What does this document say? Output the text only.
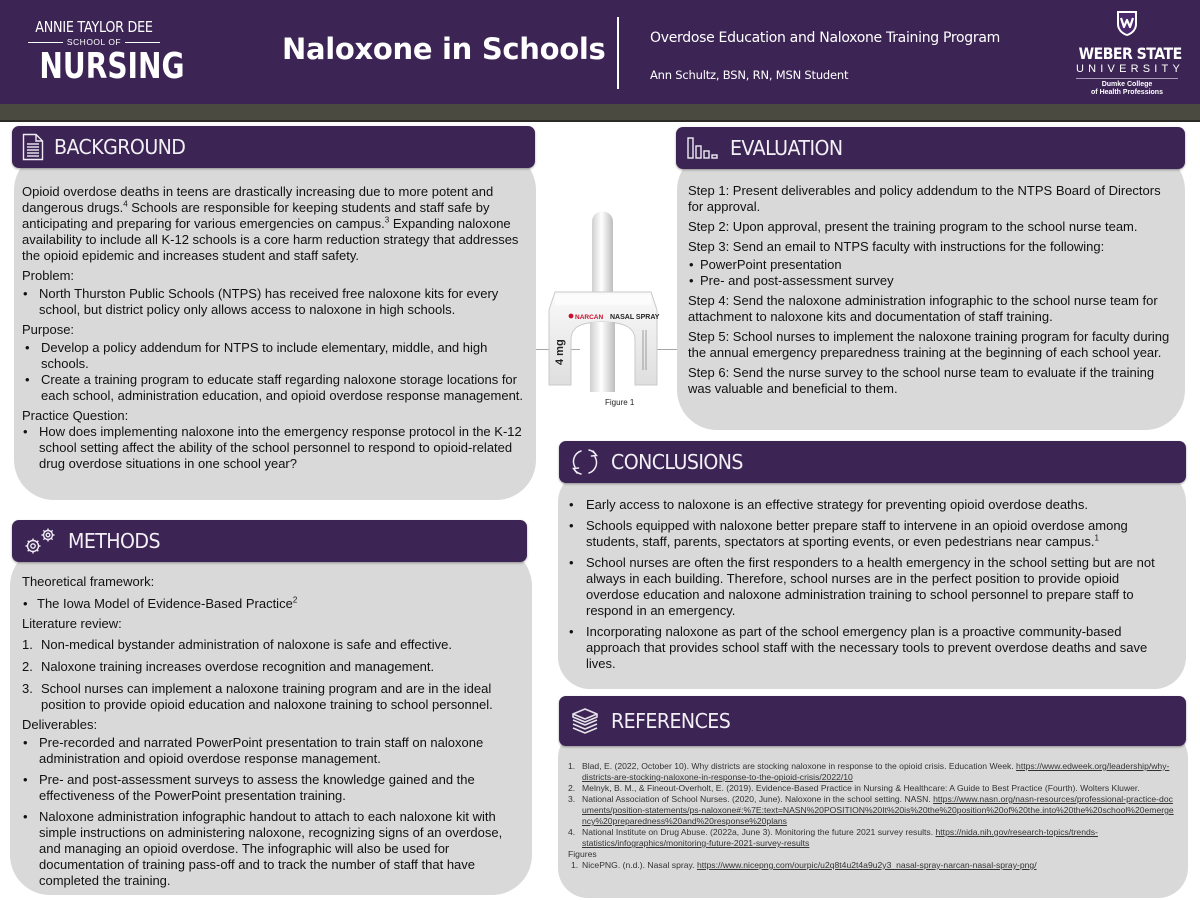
ANNIE TAYLOR DEE
SCHOOL OF
NURSING	Naloxone in Schools	Overdose Education and Naloxone Training Program
Ann Schultz, BSN, RN, MSN Student
WEBER STATE
UNIVERSITY
Dumke College
of Health Professions
BACKGROUND

Opioid overdose deaths in teens are drastically increasing due to more potent and dangerous drugs.$^4$ Schools are responsible for keeping students and staff safe by anticipating and preparing for various emergencies on campus.$^3$ Expanding naloxone availability to include all K-12 schools is a core harm reduction strategy that addresses the opioid epidemic and increases student and staff safety.

Problem:

• North Thurston Public Schools (NTPS) has received free naloxone kits for every school, but district policy only allows access to naloxone in high schools.

Purpose:

• Develop a policy addendum for NTPS to include elementary, middle, and high schools.
• Create a training program to educate staff regarding naloxone storage locations for each school, administration education, and opioid overdose response management.

Practice Question:

• How does implementing naloxone into the emergency response protocol in the K-12 school setting affect the ability of the school personnel to respond to opioid-related drug overdose situations in one school year?
METHODS

Theoretical framework:

• The Iowa Model of Evidence-Based Practice$^2$

Literature review:

1. Non-medical bystander administration of naloxone is safe and effective.
2. Naloxone training increases overdose recognition and management.
3. School nurses can implement a naloxone training program and are in the ideal position to provide opioid education and naloxone training to school personnel.

Deliverables:

• Pre-recorded and narrated PowerPoint presentation to train staff on naloxone administration and opioid overdose response management.
• Pre- and post-assessment surveys to assess the knowledge gained and the effectiveness of the PowerPoint presentation training.
• Naloxone administration infographic handout to attach to each naloxone kit with simple instructions on administering naloxone, recognizing signs of an overdose, and managing an opioid overdose. The infographic will also be used for documentation of training pass-off and to track the number of staff that have completed the training.
NARCAN NASAL SPRAY
4 mg
Figure 1
EVALUATION

Step 1: Present deliverables and policy addendum to the NTPS Board of Directors for approval.

Step 2: Upon approval, present the training program to the school nurse team.

Step 3: Send an email to NTPS faculty with instructions for the following:

• PowerPoint presentation
• Pre- and post-assessment survey

Step 4: Send the naloxone administration infographic to the school nurse team for attachment to naloxone kits and documentation of staff training.

Step 5: School nurses to implement the naloxone training program for faculty during the annual emergency preparedness training at the beginning of each school year.

Step 6: Send the nurse survey to the school nurse team to evaluate if the training was valuable and beneficial to them.

CONCLUSIONS
• Early access to naloxone is an effective strategy for preventing opioid overdose deaths.
• Schools equipped with naloxone better prepare staff to intervene in an opioid overdose among students, staff, parents, spectators at sporting events, or even pedestrians near campus.$^1$
• School nurses are often the first responders to a health emergency in the school setting but are not always in each building. Therefore, school nurses are in the perfect position to provide opioid overdose education and naloxone administration training to school personnel to prepare staff to respond in an emergency.
• Incorporating naloxone as part of the school emergency plan is a proactive community-based approach that provides school staff with the necessary tools to prevent overdose deaths and save lives.
REFERENCES
1. Blad, E. (2022, October 10). Why districts are stocking naloxone in response to the opioid crisis. Education Week. https://www.edweek.org/leadership/why-districts-are-stocking-naloxone-in-response-to-the-opioid-crisis/2022/10
2. Melnyk, B. M., & Fineout-Overholt, E. (2019). Evidence-Based Practice in Nursing & Healthcare: A Guide to Best Practice (Fourth). Wolters Kluwer.
3. National Association of School Nurses. (2020, June). Naloxone in the school setting. NASN. https://www.nasn.org/nasn-resources/professional-practice-documents/position-statements/ps-naloxone#:%7E:text=NASN%20POSITION%20It%20is%20the%20position%20of%20the.into%20the%20school%20emergency%20preparedness%20and%20response%20plans
4. National Institute on Drug Abuse. (2022a, June 3). Monitoring the future 2021 survey results. https://nida.nih.gov/research-topics/trends-statistics/infographics/monitoring-future-2021-survey-results

Figures

1. NicePNG. (n.d.). Nasal spray. https://www.nicepng.com/ourpic/u2q8t4u2t4a9u2y3_nasal-spray-narcan-nasal-spray-png/
